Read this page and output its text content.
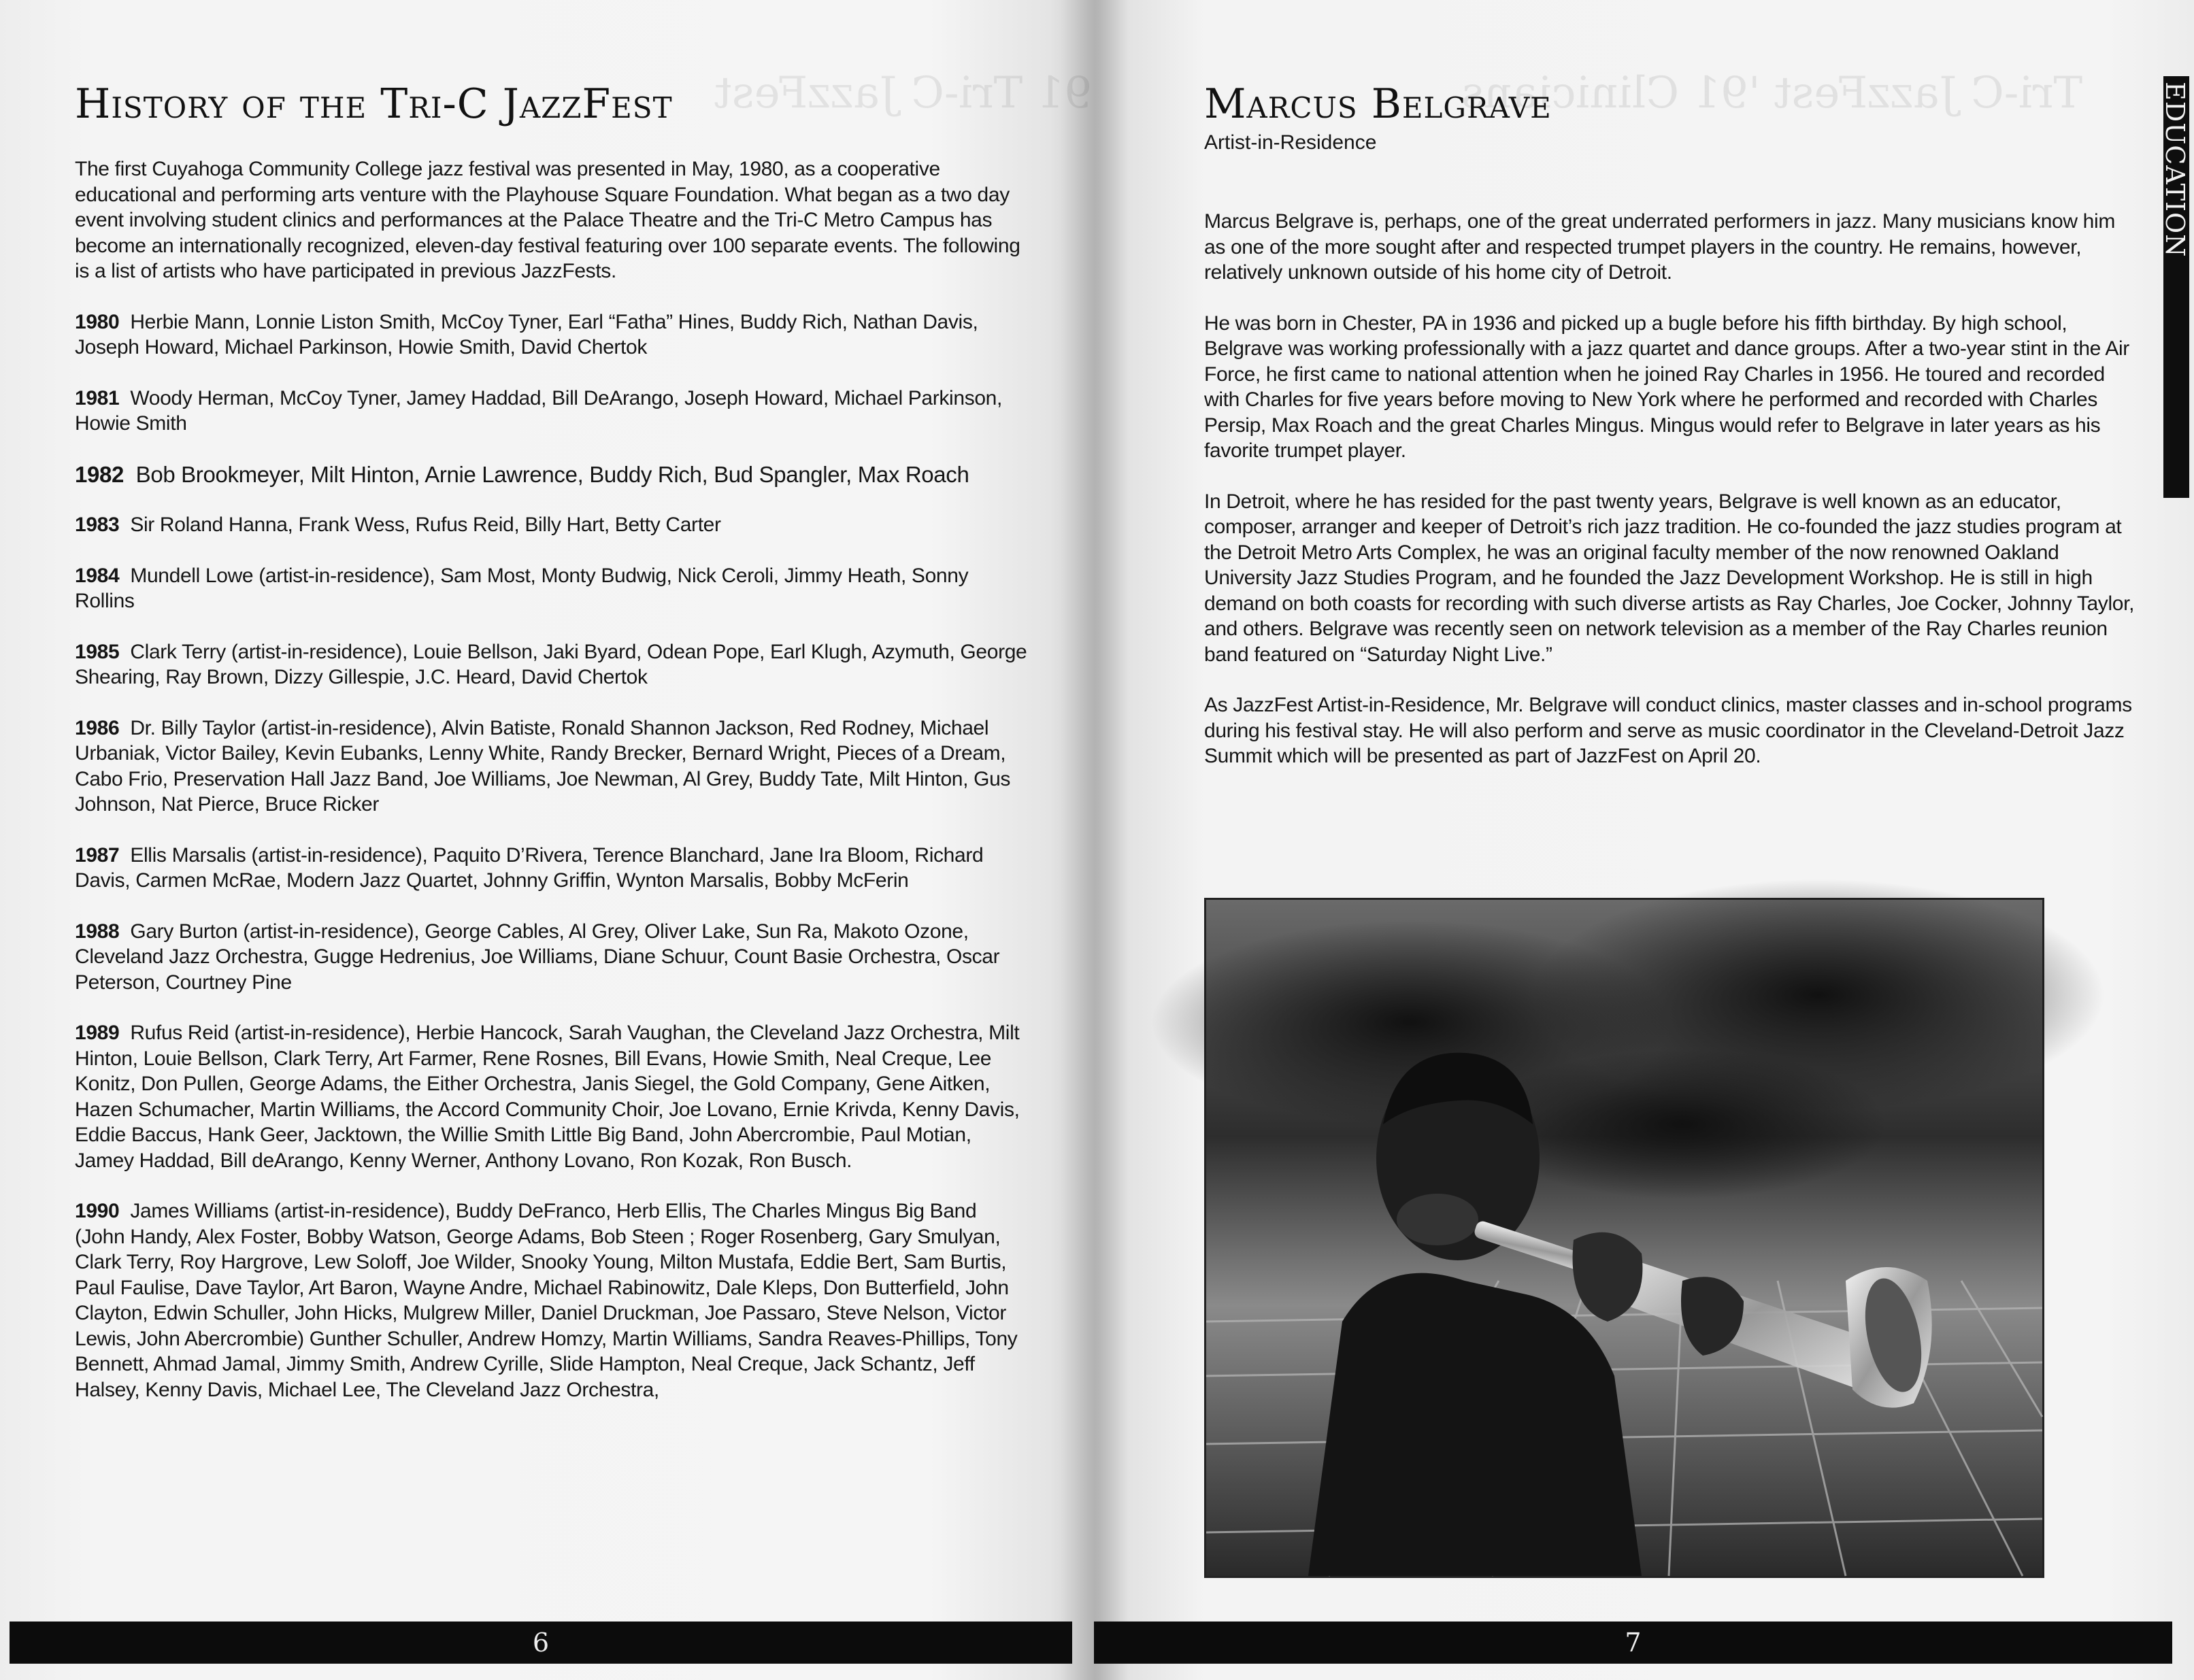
1991 Tri-C JazzFest
History of the Tri-C JazzFest

The first Cuyahoga Community College jazz festival was presented in May, 1980, as a cooperative educational and performing arts venture with the Playhouse Square Foundation. What began as a two day event involving student clinics and performances at the Palace Theatre and the Tri-C Metro Campus has become an internationally recognized, eleven-day festival featuring over 100 separate events. The following is a list of artists who have participated in previous JazzFests.

1980 Herbie Mann, Lonnie Liston Smith, McCoy Tyner, Earl “Fatha” Hines, Buddy Rich, Nathan Davis, Joseph Howard, Michael Parkinson, Howie Smith, David Chertok

1981 Woody Herman, McCoy Tyner, Jamey Haddad, Bill DeArango, Joseph Howard, Michael Parkinson, Howie Smith

1982 Bob Brookmeyer, Milt Hinton, Arnie Lawrence, Buddy Rich, Bud Spangler, Max Roach

1983 Sir Roland Hanna, Frank Wess, Rufus Reid, Billy Hart, Betty Carter

1984 Mundell Lowe (artist-in-residence), Sam Most, Monty Budwig, Nick Ceroli, Jimmy Heath, Sonny Rollins

1985 Clark Terry (artist-in-residence), Louie Bellson, Jaki Byard, Odean Pope, Earl Klugh, Azymuth, George Shearing, Ray Brown, Dizzy Gillespie, J.C. Heard, David Chertok

1986 Dr. Billy Taylor (artist-in-residence), Alvin Batiste, Ronald Shannon Jackson, Red Rodney, Michael Urbaniak, Victor Bailey, Kevin Eubanks, Lenny White, Randy Brecker, Bernard Wright, Pieces of a Dream, Cabo Frio, Preservation Hall Jazz Band, Joe Williams, Joe Newman, Al Grey, Buddy Tate, Milt Hinton, Gus Johnson, Nat Pierce, Bruce Ricker

1987 Ellis Marsalis (artist-in-residence), Paquito D’Rivera, Terence Blanchard, Jane Ira Bloom, Richard Davis, Carmen McRae, Modern Jazz Quartet, Johnny Griffin, Wynton Marsalis, Bobby McFerin

1988 Gary Burton (artist-in-residence), George Cables, Al Grey, Oliver Lake, Sun Ra, Makoto Ozone, Cleveland Jazz Orchestra, Gugge Hedrenius, Joe Williams, Diane Schuur, Count Basie Orchestra, Oscar Peterson, Courtney Pine

1989 Rufus Reid (artist-in-residence), Herbie Hancock, Sarah Vaughan, the Cleveland Jazz Orchestra, Milt Hinton, Louie Bellson, Clark Terry, Art Farmer, Rene Rosnes, Bill Evans, Howie Smith, Neal Creque, Lee Konitz, Don Pullen, George Adams, the Either Orchestra, Janis Siegel, the Gold Company, Gene Aitken, Hazen Schumacher, Martin Williams, the Accord Community Choir, Joe Lovano, Ernie Krivda, Kenny Davis, Eddie Baccus, Hank Geer, Jacktown, the Willie Smith Little Big Band, John Abercrombie, Paul Motian, Jamey Haddad, Bill deArango, Kenny Werner, Anthony Lovano, Ron Kozak, Ron Busch.

1990 James Williams (artist-in-residence), Buddy DeFranco, Herb Ellis, The Charles Mingus Big Band (John Handy, Alex Foster, Bobby Watson, George Adams, Bob Steen ; Roger Rosenberg, Gary Smulyan, Clark Terry, Roy Hargrove, Lew Soloff, Joe Wilder, Snooky Young, Milton Mustafa, Eddie Bert, Sam Burtis, Paul Faulise, Dave Taylor, Art Baron, Wayne Andre, Michael Rabinowitz, Dale Kleps, Don Butterfield, John Clayton, Edwin Schuller, John Hicks, Mulgrew Miller, Daniel Druckman, Joe Passaro, Steve Nelson, Victor Lewis, John Abercrombie) Gunther Schuller, Andrew Homzy, Martin Williams, Sandra Reaves-Phillips, Tony Bennett, Ahmad Jamal, Jimmy Smith, Andrew Cyrille, Slide Hampton, Neal Creque, Jack Schantz, Jeff Halsey, Kenny Davis, Michael Lee, The Cleveland Jazz Orchestra,

6
Tri-C JazzFest '91 Clinicians
Marcus Belgrave

Artist-in-Residence

Marcus Belgrave is, perhaps, one of the great underrated performers in jazz. Many musicians know him as one of the more sought after and respected trumpet players in the country. He remains, however, relatively unknown outside of his home city of Detroit.

He was born in Chester, PA in 1936 and picked up a bugle before his fifth birthday. By high school, Belgrave was working professionally with a jazz quartet and dance groups. After a two-year stint in the Air Force, he first came to national attention when he joined Ray Charles in 1956. He toured and recorded with Charles for five years before moving to New York where he performed and recorded with Charles Persip, Max Roach and the great Charles Mingus. Mingus would refer to Belgrave in later years as his favorite trumpet player.

In Detroit, where he has resided for the past twenty years, Belgrave is well known as an educator, composer, arranger and keeper of Detroit’s rich jazz tradition. He co-founded the jazz studies program at the Detroit Metro Arts Complex, he was an original faculty member of the now renowned Oakland University Jazz Studies Program, and he founded the Jazz Development Workshop. He is still in high demand on both coasts for recording with such diverse artists as Ray Charles, Joe Cocker, Johnny Taylor, and others. Belgrave was recently seen on network television as a member of the Ray Charles reunion band featured on “Saturday Night Live.”

As JazzFest Artist-in-Residence, Mr. Belgrave will conduct clinics, master classes and in-school programs during his festival stay. He will also perform and serve as music coordinator in the Cleveland-Detroit Jazz Summit which will be presented as part of JazzFest on April 20.

7
EDUCATION
